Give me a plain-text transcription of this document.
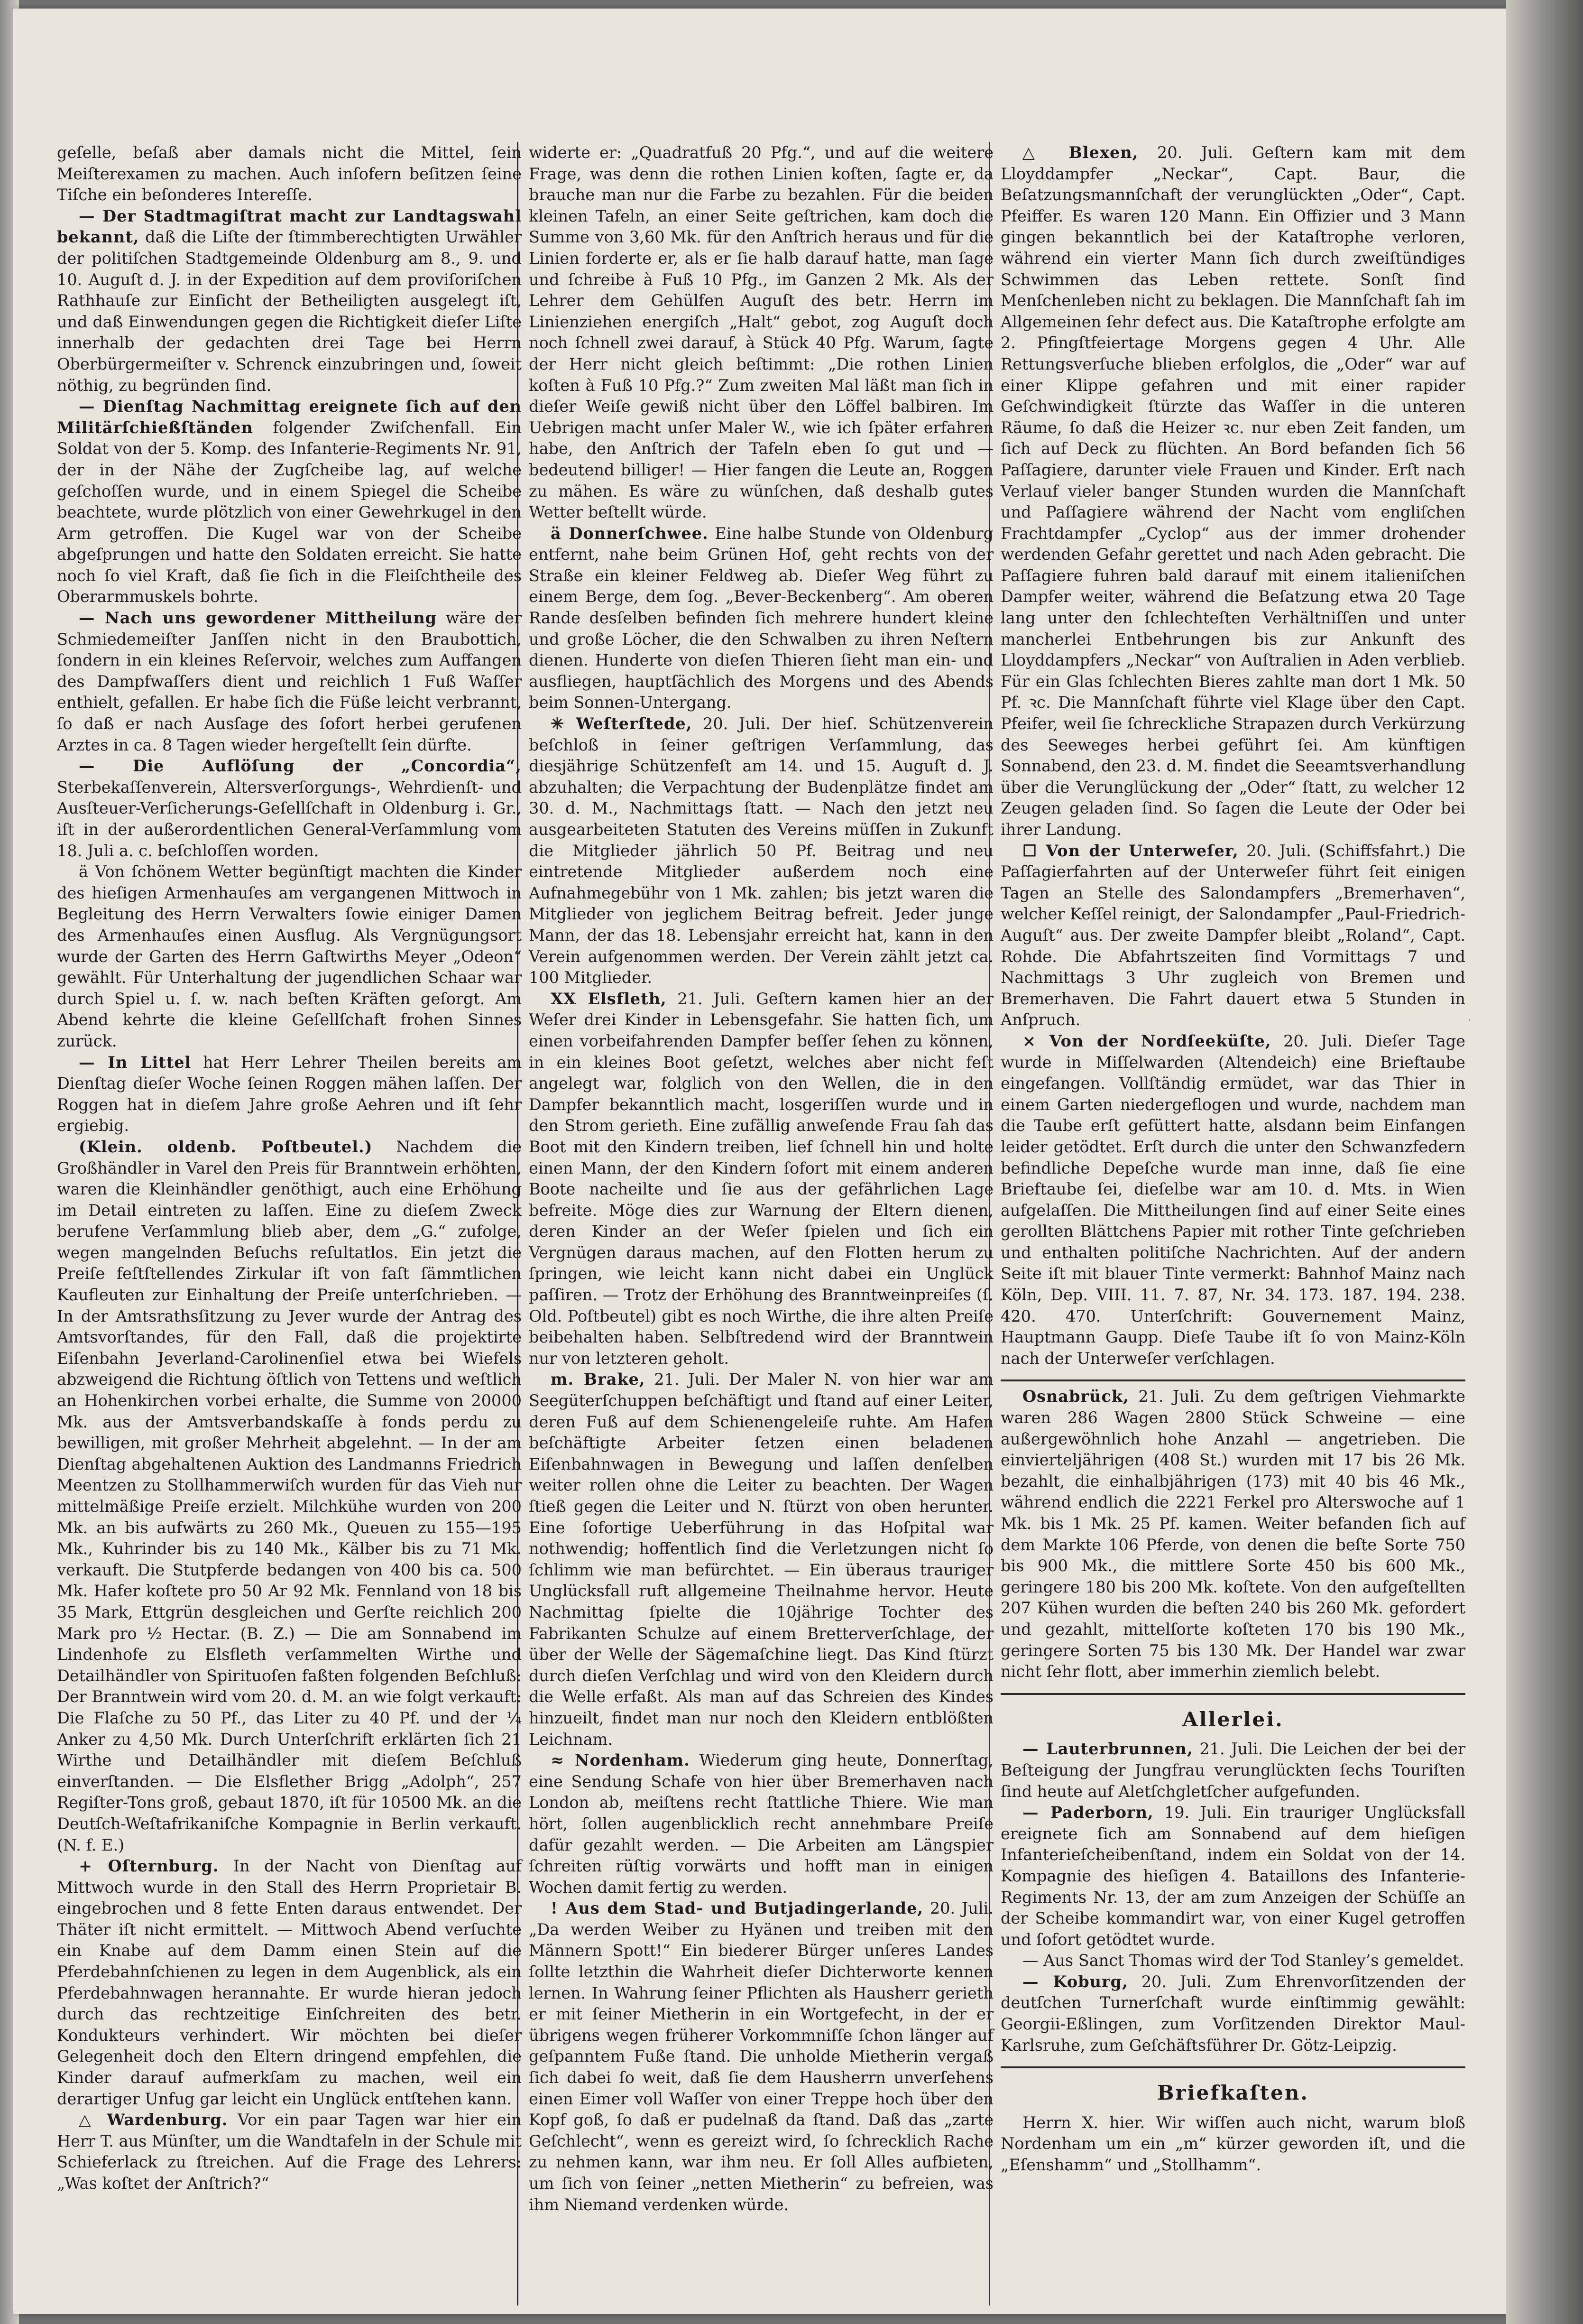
geſelle, beſaß aber damals nicht die Mittel, ſein Meiſterexamen zu machen. Auch inſofern beſitzen ſeine Tiſche ein beſonderes Intereſſe.

— Der Stadtmagiſtrat macht zur Landtagswahl bekannt, daß die Liſte der ſtimmberechtigten Urwähler der politiſchen Stadtgemeinde Oldenburg am 8., 9. und 10. Auguſt d. J. in der Expedition auf dem proviſoriſchen Rathhauſe zur Einſicht der Betheiligten ausgelegt iſt, und daß Einwendungen gegen die Richtigkeit dieſer Liſte innerhalb der gedachten drei Tage bei Herrn Oberbürgermeiſter v. Schrenck einzubringen und, ſoweit nöthig, zu begründen ſind.

— Dienſtag Nachmittag ereignete ſich auf den Militärſchießſtänden folgender Zwiſchenfall. Ein Soldat von der 5. Komp. des Infanterie-Regiments Nr. 91, der in der Nähe der Zugſcheibe lag, auf welche geſchoſſen wurde, und in einem Spiegel die Scheibe beachtete, wurde plötzlich von einer Gewehrkugel in den Arm getroffen. Die Kugel war von der Scheibe abgeſprungen und hatte den Soldaten erreicht. Sie hatte noch ſo viel Kraft, daß ſie ſich in die Fleiſchtheile des Oberarmmuskels bohrte.

— Nach uns gewordener Mittheilung wäre der Schmiedemeiſter Janſſen nicht in den Braubottich, ſondern in ein kleines Reſervoir, welches zum Auffangen des Dampfwaſſers dient und reichlich 1 Fuß Waſſer enthielt, gefallen. Er habe ſich die Füße leicht verbrannt, ſo daß er nach Ausſage des ſofort herbei gerufenen Arztes in ca. 8 Tagen wieder hergeſtellt ſein dürfte.

— Die Auflöſung der „Concordia“, Sterbekaſſenverein, Altersverſorgungs-, Wehrdienſt- und Ausſteuer-Verſicherungs-Geſellſchaft in Oldenburg i. Gr., iſt in der außerordentlichen General-Verſammlung vom 18. Juli a. c. beſchloſſen worden.

ä Von ſchönem Wetter begünſtigt machten die Kinder des hieſigen Armenhauſes am vergangenen Mittwoch in Begleitung des Herrn Verwalters ſowie einiger Damen des Armenhauſes einen Ausflug. Als Vergnügungsort wurde der Garten des Herrn Gaſtwirths Meyer „Odeon“ gewählt. Für Unterhaltung der jugendlichen Schaar war durch Spiel u. ſ. w. nach beſten Kräften geſorgt. Am Abend kehrte die kleine Geſellſchaft frohen Sinnes zurück.

— In Littel hat Herr Lehrer Theilen bereits am Dienſtag dieſer Woche ſeinen Roggen mähen laſſen. Der Roggen hat in dieſem Jahre große Aehren und iſt ſehr ergiebig.

(Klein. oldenb. Poſtbeutel.) Nachdem die Großhändler in Varel den Preis für Branntwein erhöhten, waren die Kleinhändler genöthigt, auch eine Erhöhung im Detail eintreten zu laſſen. Eine zu dieſem Zweck berufene Verſammlung blieb aber, dem „G.“ zufolge, wegen mangelnden Beſuchs reſultatlos. Ein jetzt die Preiſe feſtſtellendes Zirkular iſt von faſt ſämmtlichen Kaufleuten zur Einhaltung der Preiſe unterſchrieben. — In der Amtsrathsſitzung zu Jever wurde der Antrag des Amtsvorſtandes, für den Fall, daß die projektirte Eiſenbahn Jeverland-Carolinenſiel etwa bei Wiefels abzweigend die Richtung öſtlich von Tettens und weſtlich an Hohenkirchen vorbei erhalte, die Summe von 20000 Mk. aus der Amtsverbandskaſſe à fonds perdu zu bewilligen, mit großer Mehrheit abgelehnt. — In der am Dienſtag abgehaltenen Auktion des Landmanns Friedrich Meentzen zu Stollhammerwiſch wurden für das Vieh nur mittelmäßige Preiſe erzielt. Milchkühe wurden von 200 Mk. an bis aufwärts zu 260 Mk., Queuen zu 155—195 Mk., Kuhrinder bis zu 140 Mk., Kälber bis zu 71 Mk. verkauft. Die Stutpferde bedangen von 400 bis ca. 500 Mk. Hafer koſtete pro 50 Ar 92 Mk. Fennland von 18 bis 35 Mark, Ettgrün desgleichen und Gerſte reichlich 200 Mark pro ½ Hectar. (B. Z.) — Die am Sonnabend im Lindenhofe zu Elsfleth verſammelten Wirthe und Detailhändler von Spirituoſen faßten folgenden Beſchluß: Der Branntwein wird vom 20. d. M. an wie folgt verkauft: Die Flaſche zu 50 Pf., das Liter zu 40 Pf. und der ¼ Anker zu 4,50 Mk. Durch Unterſchrift erklärten ſich 21 Wirthe und Detailhändler mit dieſem Beſchluß einverſtanden. — Die Elsflether Brigg „Adolph“, 257 Regiſter-Tons groß, gebaut 1870, iſt für 10500 Mk. an die Deutſch-Weſtafrikaniſche Kompagnie in Berlin verkauft. (N. f. E.)

+ Oſternburg. In der Nacht von Dienſtag auf Mittwoch wurde in den Stall des Herrn Proprietair B. eingebrochen und 8 fette Enten daraus entwendet. Der Thäter iſt nicht ermittelt. — Mittwoch Abend verſuchte ein Knabe auf dem Damm einen Stein auf die Pferdebahnſchienen zu legen in dem Augenblick, als ein Pferdebahnwagen herannahte. Er wurde hieran jedoch durch das rechtzeitige Einſchreiten des betr. Kondukteurs verhindert. Wir möchten bei dieſer Gelegenheit doch den Eltern dringend empfehlen, die Kinder darauf aufmerkſam zu machen, weil ein derartiger Unfug gar leicht ein Unglück entſtehen kann.

△ Wardenburg. Vor ein paar Tagen war hier ein Herr T. aus Münſter, um die Wandtafeln in der Schule mit Schieferlack zu ſtreichen. Auf die Frage des Lehrers: „Was koſtet der Anſtrich?“

widerte er: „Quadratfuß 20 Pfg.“, und auf die weitere Frage, was denn die rothen Linien koſten, ſagte er, da brauche man nur die Farbe zu bezahlen. Für die beiden kleinen Tafeln, an einer Seite geſtrichen, kam doch die Summe von 3,60 Mk. für den Anſtrich heraus und für die Linien forderte er, als er ſie halb darauf hatte, man ſage und ſchreibe à Fuß 10 Pfg., im Ganzen 2 Mk. Als der Lehrer dem Gehülfen Auguſt des betr. Herrn im Linienziehen energiſch „Halt“ gebot, zog Auguſt doch noch ſchnell zwei darauf, à Stück 40 Pfg. Warum, ſagte der Herr nicht gleich beſtimmt: „Die rothen Linien koſten à Fuß 10 Pfg.?“ Zum zweiten Mal läßt man ſich in dieſer Weiſe gewiß nicht über den Löffel balbiren. Im Uebrigen macht unſer Maler W., wie ich ſpäter erfahren habe, den Anſtrich der Tafeln eben ſo gut und — bedeutend billiger! — Hier fangen die Leute an, Roggen zu mähen. Es wäre zu wünſchen, daß deshalb gutes Wetter beſtellt würde.

ä Donnerſchwee. Eine halbe Stunde von Oldenburg entfernt, nahe beim Grünen Hof, geht rechts von der Straße ein kleiner Feldweg ab. Dieſer Weg führt zu einem Berge, dem ſog. „Bever-Beckenberg“. Am oberen Rande desſelben befinden ſich mehrere hundert kleine und große Löcher, die den Schwalben zu ihren Neſtern dienen. Hunderte von dieſen Thieren ſieht man ein- und ausfliegen, hauptſächlich des Morgens und des Abends beim Sonnen-Untergang.

✳ Weſterſtede, 20. Juli. Der hieſ. Schützenverein beſchloß in ſeiner geſtrigen Verſammlung, das diesjährige Schützenfeſt am 14. und 15. Auguſt d. J. abzuhalten; die Verpachtung der Budenplätze findet am 30. d. M., Nachmittags ſtatt. — Nach den jetzt neu ausgearbeiteten Statuten des Vereins müſſen in Zukunft die Mitglieder jährlich 50 Pf. Beitrag und neu eintretende Mitglieder außerdem noch eine Aufnahmegebühr von 1 Mk. zahlen; bis jetzt waren die Mitglieder von jeglichem Beitrag befreit. Jeder junge Mann, der das 18. Lebensjahr erreicht hat, kann in den Verein aufgenommen werden. Der Verein zählt jetzt ca. 100 Mitglieder.

XX Elsfleth, 21. Juli. Geſtern kamen hier an der Weſer drei Kinder in Lebensgefahr. Sie hatten ſich, um einen vorbeifahrenden Dampfer beſſer ſehen zu können, in ein kleines Boot geſetzt, welches aber nicht feſt angelegt war, folglich von den Wellen, die in den Dampfer bekanntlich macht, losgeriſſen wurde und in den Strom gerieth. Eine zufällig anweſende Frau ſah das Boot mit den Kindern treiben, lief ſchnell hin und holte einen Mann, der den Kindern ſofort mit einem anderen Boote nacheilte und ſie aus der gefährlichen Lage befreite. Möge dies zur Warnung der Eltern dienen, deren Kinder an der Weſer ſpielen und ſich ein Vergnügen daraus machen, auf den Flotten herum zu ſpringen, wie leicht kann nicht dabei ein Unglück paſſiren. — Trotz der Erhöhung des Branntweinpreiſes (ſ. Old. Poſtbeutel) gibt es noch Wirthe, die ihre alten Preiſe beibehalten haben. Selbſtredend wird der Branntwein nur von letzteren geholt.

m. Brake, 21. Juli. Der Maler N. von hier war am Seegüterſchuppen beſchäftigt und ſtand auf einer Leiter, deren Fuß auf dem Schienengeleiſe ruhte. Am Hafen beſchäftigte Arbeiter ſetzen einen beladenen Eiſenbahnwagen in Bewegung und laſſen denſelben weiter rollen ohne die Leiter zu beachten. Der Wagen ſtieß gegen die Leiter und N. ſtürzt von oben herunter. Eine ſofortige Ueberführung in das Hoſpital war nothwendig; hoffentlich ſind die Verletzungen nicht ſo ſchlimm wie man befürchtet. — Ein überaus trauriger Unglücksfall ruft allgemeine Theilnahme hervor. Heute Nachmittag ſpielte die 10jährige Tochter des Fabrikanten Schulze auf einem Bretterverſchlage, der über der Welle der Sägemaſchine liegt. Das Kind ſtürzt durch dieſen Verſchlag und wird von den Kleidern durch die Welle erfaßt. Als man auf das Schreien des Kindes hinzueilt, findet man nur noch den Kleidern entblößten Leichnam.

≈ Nordenham. Wiederum ging heute, Donnerſtag, eine Sendung Schafe von hier über Bremerhaven nach London ab, meiſtens recht ſtattliche Thiere. Wie man hört, ſollen augenblicklich recht annehmbare Preiſe dafür gezahlt werden. — Die Arbeiten am Längspier ſchreiten rüſtig vorwärts und hofft man in einigen Wochen damit fertig zu werden.

! Aus dem Stad- und Butjadingerlande, 20. Juli. „Da werden Weiber zu Hyänen und treiben mit den Männern Spott!“ Ein biederer Bürger unſeres Landes ſollte letzthin die Wahrheit dieſer Dichterworte kennen lernen. In Wahrung ſeiner Pflichten als Hausherr gerieth er mit ſeiner Mietherin in ein Wortgefecht, in der er übrigens wegen früherer Vorkommniſſe ſchon länger auf geſpanntem Fuße ſtand. Die unholde Mietherin vergaß ſich dabei ſo weit, daß ſie dem Hausherrn unverſehens einen Eimer voll Waſſer von einer Treppe hoch über den Kopf goß, ſo daß er pudelnaß da ſtand. Daß das „zarte Geſchlecht“, wenn es gereizt wird, ſo ſchrecklich Rache zu nehmen kann, war ihm neu. Er ſoll Alles aufbieten, um ſich von ſeiner „netten Mietherin“ zu befreien, was ihm Niemand verdenken würde.

△ Blexen, 20. Juli. Geſtern kam mit dem Lloyddampfer „Neckar“, Capt. Baur, die Beſatzungsmannſchaft der verunglückten „Oder“, Capt. Pfeiffer. Es waren 120 Mann. Ein Offizier und 3 Mann gingen bekanntlich bei der Kataſtrophe verloren, während ein vierter Mann ſich durch zweiſtündiges Schwimmen das Leben rettete. Sonſt ſind Menſchenleben nicht zu beklagen. Die Mannſchaft ſah im Allgemeinen ſehr defect aus. Die Kataſtrophe erfolgte am 2. Pfingſtfeiertage Morgens gegen 4 Uhr. Alle Rettungsverſuche blieben erfolglos, die „Oder“ war auf einer Klippe gefahren und mit einer rapider Geſchwindigkeit ſtürzte das Waſſer in die unteren Räume, ſo daß die Heizer ꝛc. nur eben Zeit fanden, um ſich auf Deck zu flüchten. An Bord befanden ſich 56 Paſſagiere, darunter viele Frauen und Kinder. Erſt nach Verlauf vieler banger Stunden wurden die Mannſchaft und Paſſagiere während der Nacht vom engliſchen Frachtdampfer „Cyclop“ aus der immer drohender werdenden Gefahr gerettet und nach Aden gebracht. Die Paſſagiere fuhren bald darauf mit einem italieniſchen Dampfer weiter, während die Beſatzung etwa 20 Tage lang unter den ſchlechteſten Verhältniſſen und unter mancherlei Entbehrungen bis zur Ankunft des Lloyddampfers „Neckar“ von Auſtralien in Aden verblieb. Für ein Glas ſchlechten Bieres zahlte man dort 1 Mk. 50 Pf. ꝛc. Die Mannſchaft führte viel Klage über den Capt. Pfeifer, weil ſie ſchreckliche Strapazen durch Verkürzung des Seeweges herbei geführt ſei. Am künftigen Sonnabend, den 23. d. M. findet die Seeamtsverhandlung über die Verunglückung der „Oder“ ſtatt, zu welcher 12 Zeugen geladen ſind. So ſagen die Leute der Oder bei ihrer Landung.

☐ Von der Unterweſer, 20. Juli. (Schiffsfahrt.) Die Paſſagierfahrten auf der Unterweſer führt ſeit einigen Tagen an Stelle des Salondampfers „Bremerhaven“, welcher Keſſel reinigt, der Salondampfer „Paul-Friedrich-Auguſt“ aus. Der zweite Dampfer bleibt „Roland“, Capt. Rohde. Die Abfahrtszeiten ſind Vormittags 7 und Nachmittags 3 Uhr zugleich von Bremen und Bremerhaven. Die Fahrt dauert etwa 5 Stunden in Anſpruch.

× Von der Nordſeeküſte, 20. Juli. Dieſer Tage wurde in Miſſelwarden (Altendeich) eine Brieftaube eingefangen. Vollſtändig ermüdet, war das Thier in einem Garten niedergeflogen und wurde, nachdem man die Taube erſt gefüttert hatte, alsdann beim Einfangen leider getödtet. Erſt durch die unter den Schwanzfedern befindliche Depeſche wurde man inne, daß ſie eine Brieftaube ſei, dieſelbe war am 10. d. Mts. in Wien aufgelaſſen. Die Mittheilungen ſind auf einer Seite eines gerollten Blättchens Papier mit rother Tinte geſchrieben und enthalten politiſche Nachrichten. Auf der andern Seite iſt mit blauer Tinte vermerkt: Bahnhof Mainz nach Köln, Dep. VIII. 11. 7. 87, Nr. 34. 173. 187. 194. 238. 420. 470. Unterſchrift: Gouvernement Mainz, Hauptmann Gaupp. Dieſe Taube iſt ſo von Mainz-Köln nach der Unterweſer verſchlagen.

Osnabrück, 21. Juli. Zu dem geſtrigen Viehmarkte waren 286 Wagen 2800 Stück Schweine — eine außergewöhnlich hohe Anzahl — angetrieben. Die einvierteljährigen (408 St.) wurden mit 17 bis 26 Mk. bezahlt, die einhalbjährigen (173) mit 40 bis 46 Mk., während endlich die 2221 Ferkel pro Alterswoche auf 1 Mk. bis 1 Mk. 25 Pf. kamen. Weiter befanden ſich auf dem Markte 106 Pferde, von denen die beſte Sorte 750 bis 900 Mk., die mittlere Sorte 450 bis 600 Mk., geringere 180 bis 200 Mk. koſtete. Von den aufgeſtellten 207 Kühen wurden die beſten 240 bis 260 Mk. gefordert und gezahlt, mittelſorte koſteten 170 bis 190 Mk., geringere Sorten 75 bis 130 Mk. Der Handel war zwar nicht ſehr flott, aber immerhin ziemlich belebt.

Allerlei.

— Lauterbrunnen, 21. Juli. Die Leichen der bei der Beſteigung der Jungfrau verunglückten ſechs Touriſten ſind heute auf Aletſchgletſcher aufgefunden.

— Paderborn, 19. Juli. Ein trauriger Unglücksfall ereignete ſich am Sonnabend auf dem hieſigen Infanterieſcheibenſtand, indem ein Soldat von der 14. Kompagnie des hieſigen 4. Bataillons des Infanterie-Regiments Nr. 13, der am zum Anzeigen der Schüſſe an der Scheibe kommandirt war, von einer Kugel getroffen und ſofort getödtet wurde.

— Aus Sanct Thomas wird der Tod Stanley’s gemeldet.

— Koburg, 20. Juli. Zum Ehrenvorſitzenden der deutſchen Turnerſchaft wurde einſtimmig gewählt: Georgii-Eßlingen, zum Vorſitzenden Direktor Maul-Karlsruhe, zum Geſchäftsführer Dr. Götz-Leipzig.

Briefkaſten.

Herrn X. hier. Wir wiſſen auch nicht, warum bloß Nordenham um ein „m“ kürzer geworden iſt, und die „Eſenshamm“ und „Stollhamm“.
